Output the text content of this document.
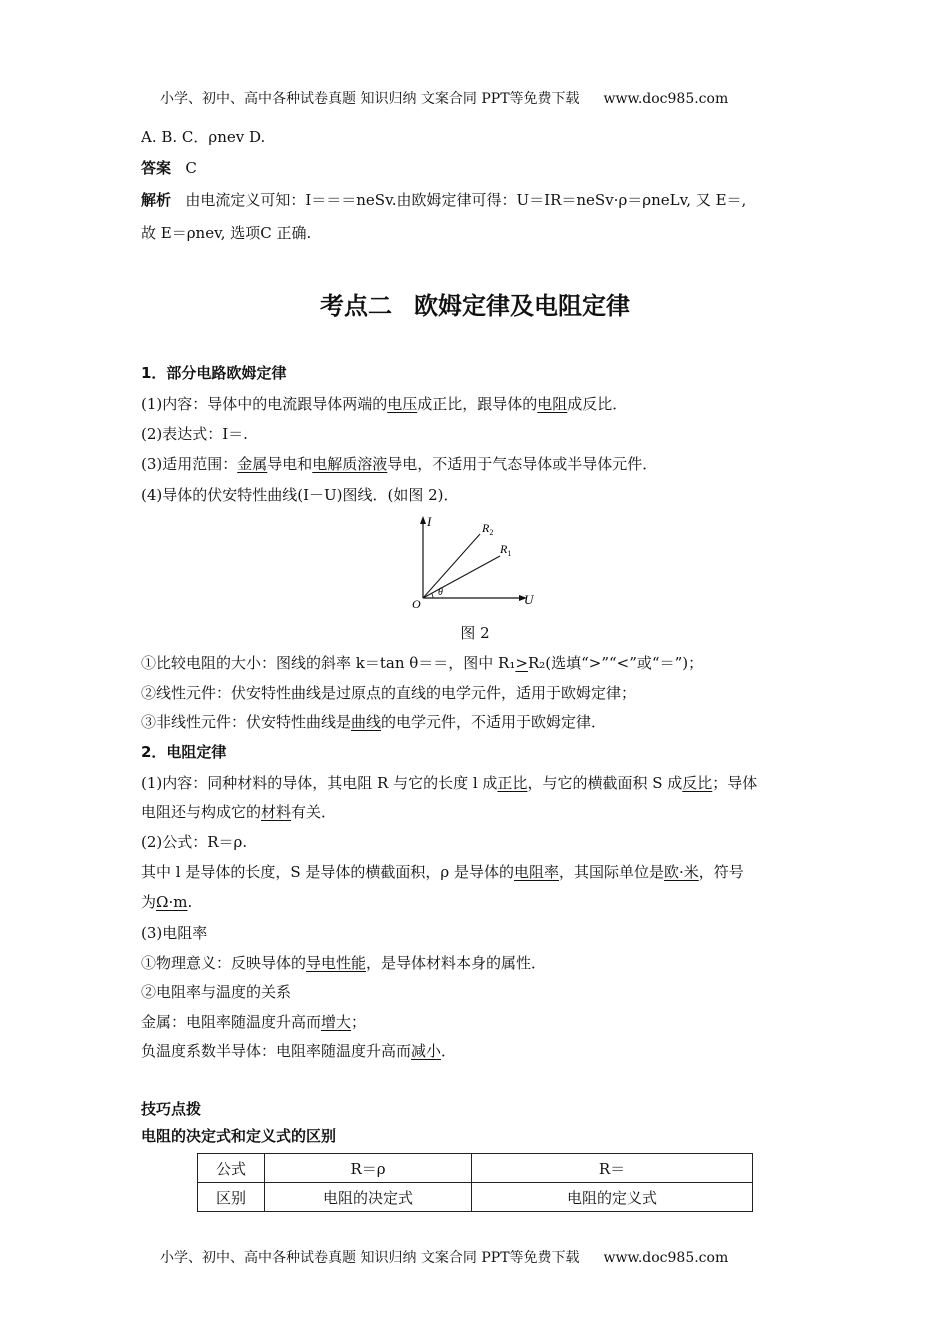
小学、初中、高中各种试卷真题 知识归纳 文案合同 PPT等免费下载 www.doc985.com
A. B. C．ρnev D.
答案 C
解析 由电流定义可知：I＝＝＝neSv.由欧姆定律可得：U＝IR＝neSv·ρ＝ρneLv, 又 E＝,
故 E＝ρnev, 选项C 正确.
考点二 欧姆定律及电阻定律
1．部分电路欧姆定律
(1)内容：导体中的电流跟导体两端的电压成正比，跟导体的电阻成反比．
(2)表达式：I＝.
(3)适用范围：金属导电和电解质溶液导电，不适用于气态导体或半导体元件．
(4)导体的伏安特性曲线(I－U)图线．(如图 2)．
I
U
O
θ
$R_2$
$R_1$
图 2
①比较电阻的大小：图线的斜率 k＝tan θ＝＝，图中 R₁>R₂(选填“>”“<”或“＝”)；
②线性元件：伏安特性曲线是过原点的直线的电学元件，适用于欧姆定律；
③非线性元件：伏安特性曲线是曲线的电学元件，不适用于欧姆定律．
2．电阻定律
(1)内容：同种材料的导体，其电阻 R 与它的长度 l 成正比，与它的横截面积 S 成反比；导体
电阻还与构成它的材料有关．
(2)公式：R＝ρ.
其中 l 是导体的长度，S 是导体的横截面积，ρ 是导体的电阻率，其国际单位是欧·米，符号
为Ω·m.
(3)电阻率
①物理意义：反映导体的导电性能，是导体材料本身的属性．
②电阻率与温度的关系
金属：电阻率随温度升高而增大；
负温度系数半导体：电阻率随温度升高而减小．
技巧点拨
电阻的决定式和定义式的区别
公式	R＝ρ	R＝
区别	电阻的决定式	电阻的定义式
小学、初中、高中各种试卷真题 知识归纳 文案合同 PPT等免费下载 www.doc985.com
